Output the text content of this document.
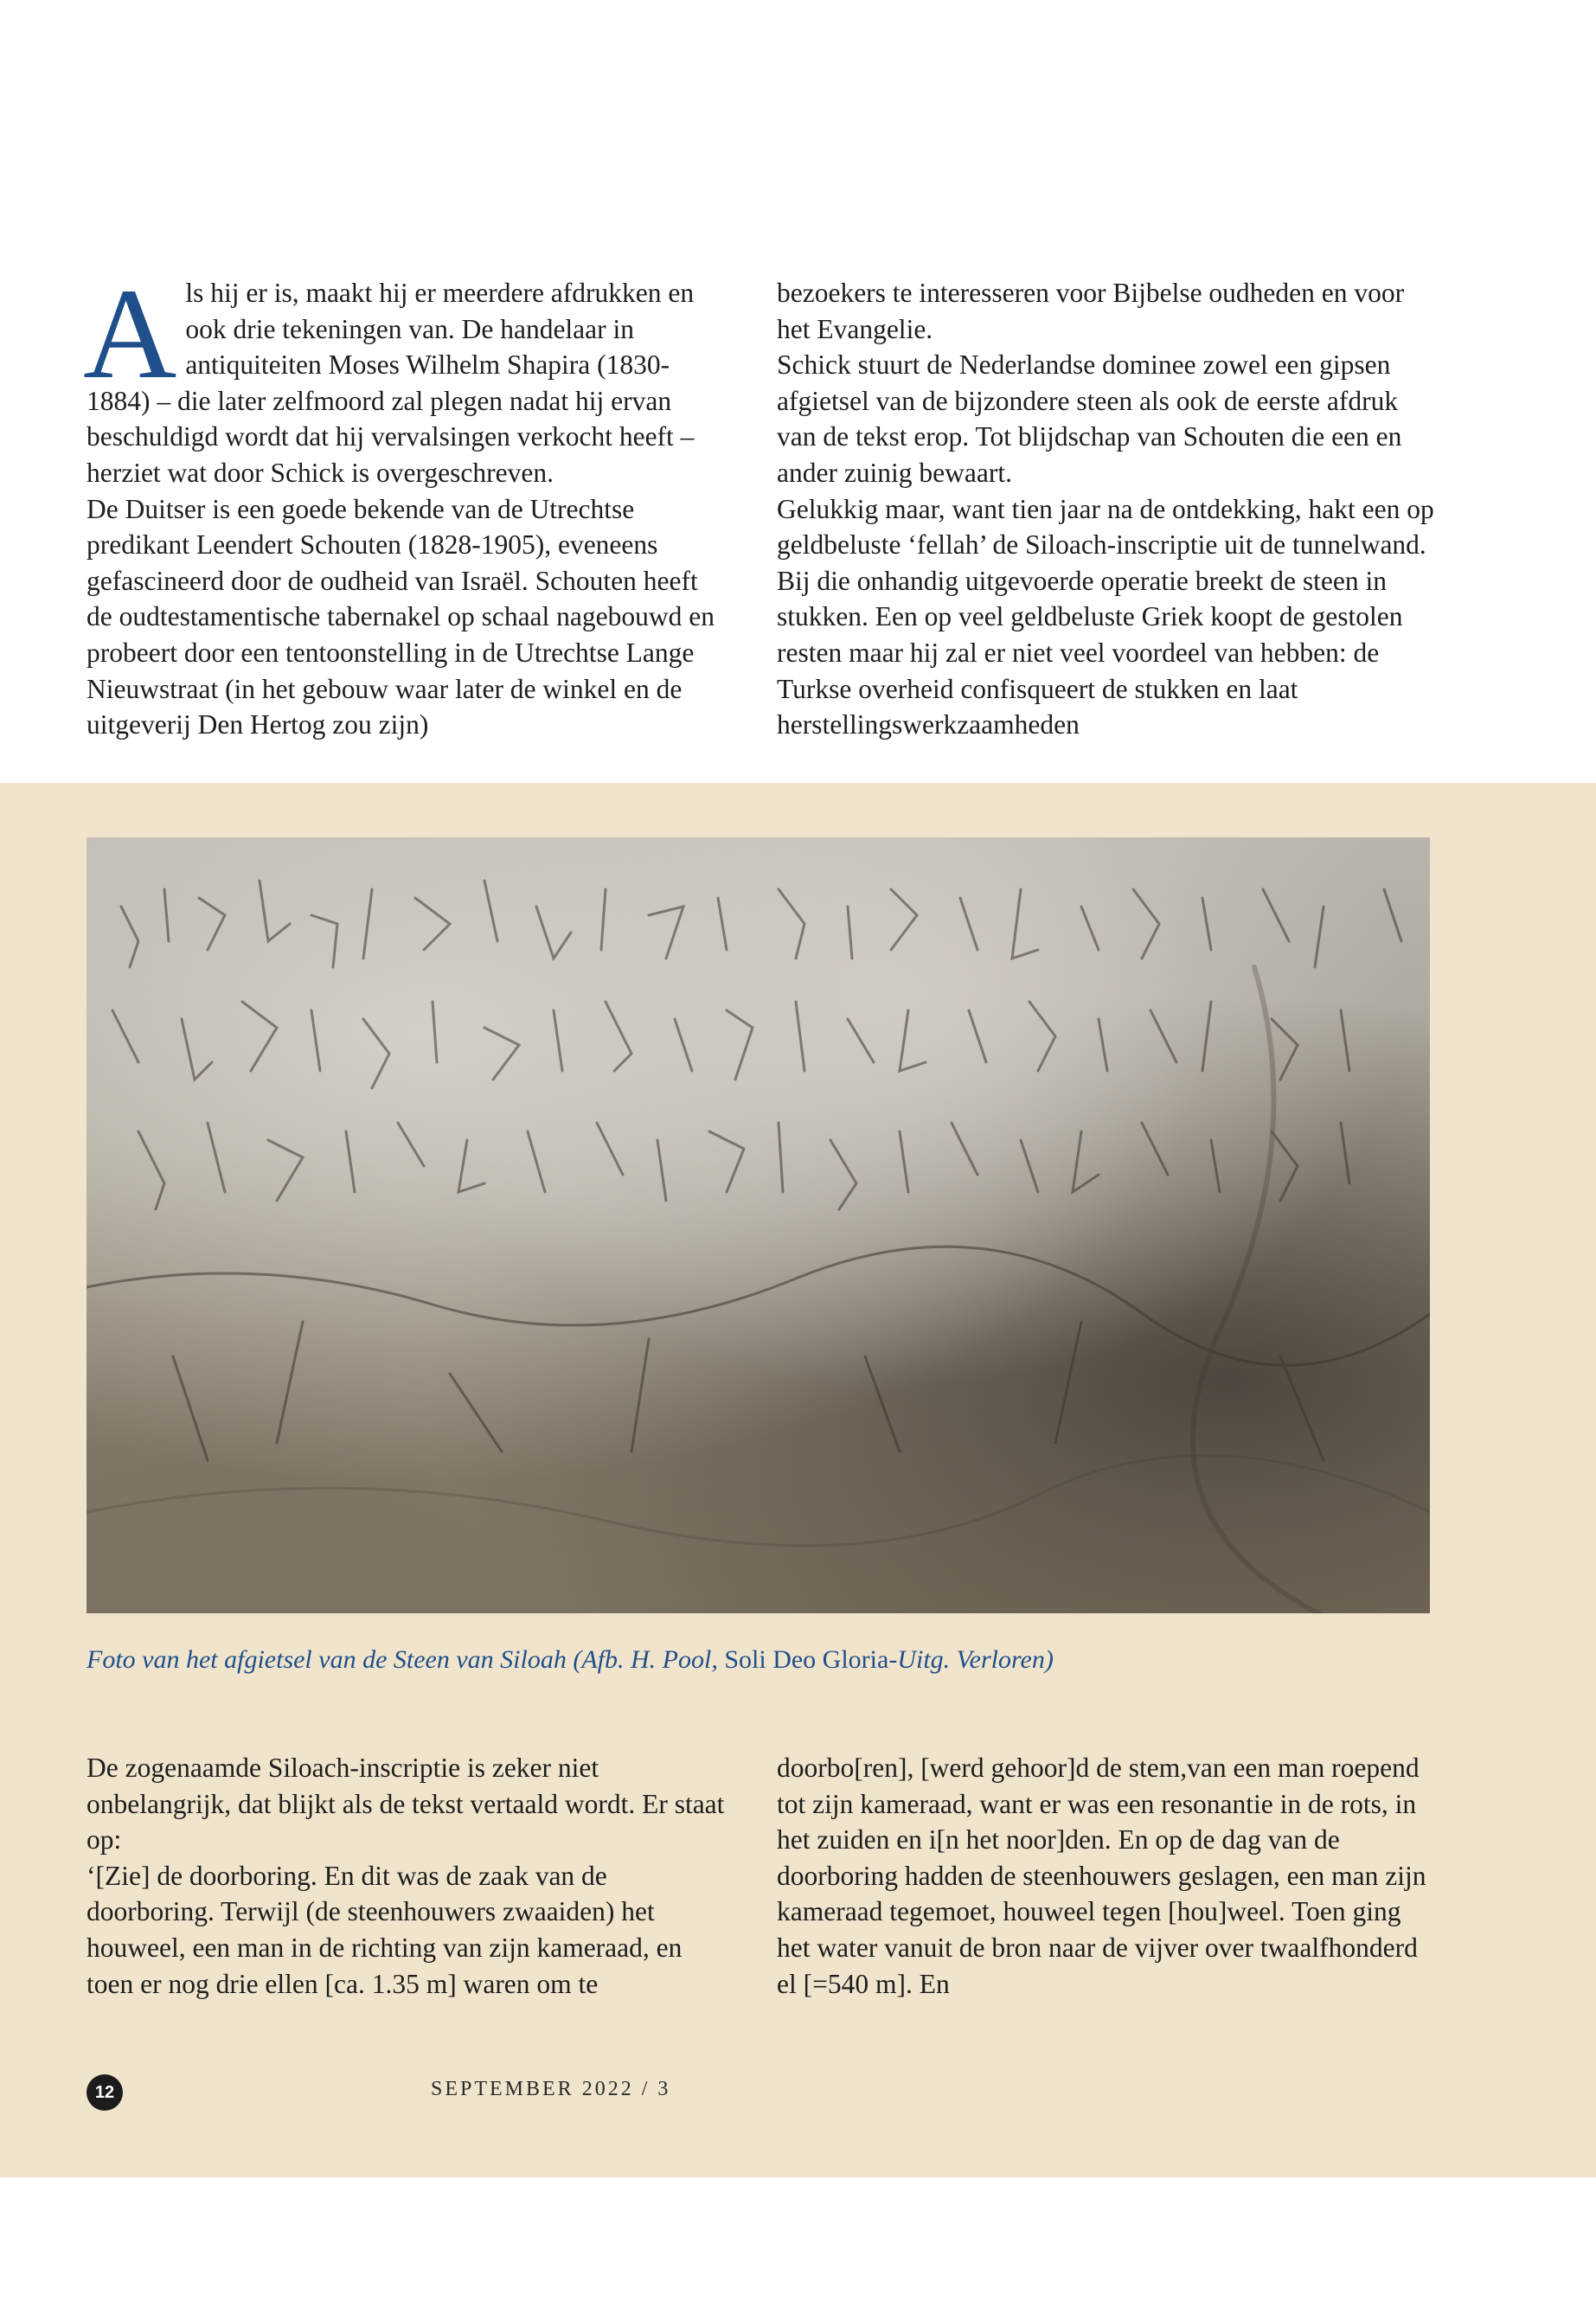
A ls hij er is, maakt hij er meerdere afdrukken en ook drie tekeningen van. De handelaar in antiquiteiten Moses Wilhelm Shapira (1830-1884) – die later zelfmoord zal plegen nadat hij ervan beschuldigd wordt dat hij vervalsingen verkocht heeft – herziet wat door Schick is overgeschreven.

De Duitser is een goede bekende van de Utrechtse predikant Leendert Schouten (1828-1905), eveneens gefascineerd door de oudheid van Israël. Schouten heeft de oudtestamentische tabernakel op schaal nagebouwd en probeert door een tentoonstelling in de Utrechtse Lange Nieuwstraat (in het gebouw waar later de winkel en de uitgeverij Den Hertog zou zijn)

bezoekers te interesseren voor Bijbelse oudheden en voor het Evangelie.

Schick stuurt de Nederlandse dominee zowel een gipsen afgietsel van de bijzondere steen als ook de eerste afdruk van de tekst erop. Tot blijdschap van Schouten die een en ander zuinig bewaart.

Gelukkig maar, want tien jaar na de ontdekking, hakt een op geldbeluste ‘fellah’ de Siloach-inscriptie uit de tunnelwand. Bij die onhandig uitgevoerde operatie breekt de steen in stukken. Een op veel geldbeluste Griek koopt de gestolen resten maar hij zal er niet veel voordeel van hebben: de Turkse overheid confisqueert de stukken en laat herstellingswerkzaamheden

Foto van het afgietsel van de Steen van Siloah (Afb. H. Pool, Soli Deo Gloria-Uitg. Verloren)

De zogenaamde Siloach-inscriptie is zeker niet onbelangrijk, dat blijkt als de tekst vertaald wordt. Er staat op:

‘[Zie] de doorboring. En dit was de zaak van de doorboring. Terwijl (de steenhouwers zwaaiden) het houweel, een man in de richting van zijn kameraad, en toen er nog drie ellen [ca. 1.35 m] waren om te

doorbo[ren], [werd gehoor]d de stem,van een man roepend tot zijn kameraad, want er was een resonantie in de rots, in het zuiden en i[n het noor]den. En op de dag van de doorboring hadden de steenhouwers geslagen, een man zijn kameraad tegemoet, houweel tegen [hou]weel. Toen ging het water vanuit de bron naar de vijver over twaalfhonderd el [=540 m]. En

12	SEPTEMBER 2022 / 3
